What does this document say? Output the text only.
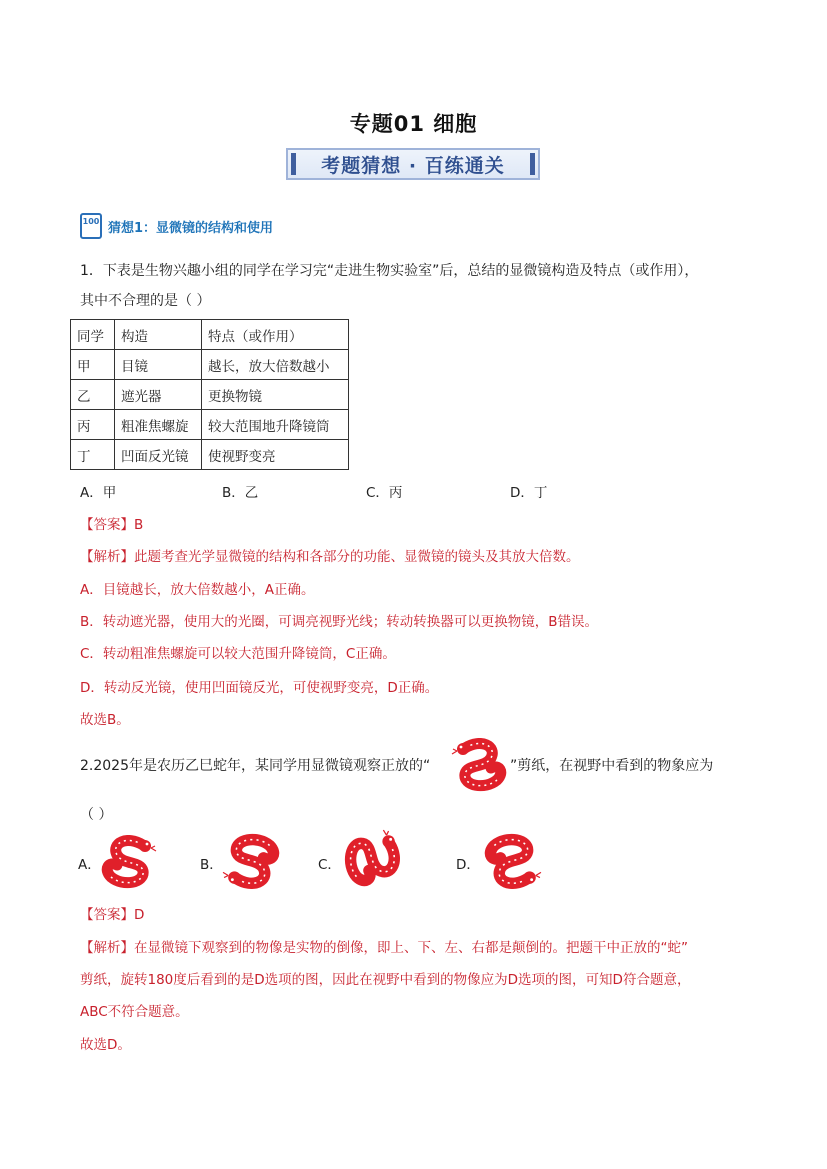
专题01 细胞
考题猜想 · 百练通关
100 猜想1：显微镜的结构和使用
1．下表是生物兴趣小组的同学在学习完“走进生物实验室”后，总结的显微镜构造及特点（或作用），
其中不合理的是（ ）
同学	构造	特点（或作用）
甲	目镜	越长，放大倍数越小
乙	遮光器	更换物镜
丙	粗准焦螺旋	较大范围地升降镜筒
丁	凹面反光镜	使视野变亮
A．甲	B．乙	C．丙	D．丁
【答案】B
【解析】此题考查光学显微镜的结构和各部分的功能、显微镜的镜头及其放大倍数。
A．目镜越长，放大倍数越小，A正确。
B．转动遮光器，使用大的光圈，可调亮视野光线；转动转换器可以更换物镜，B错误。
C．转动粗准焦螺旋可以较大范围升降镜筒，C正确。
D．转动反光镜，使用凹面镜反光，可使视野变亮，D正确。
故选B。
2.2025年是农历乙巳蛇年，某同学用显微镜观察正放的“	”剪纸，在视野中看到的物象应为
（ ）
A．	B．	C．	D．
【答案】D
【解析】在显微镜下观察到的物像是实物的倒像，即上、下、左、右都是颠倒的。把题干中正放的“蛇”
剪纸，旋转180度后看到的是D选项的图，因此在视野中看到的物像应为D选项的图，可知D符合题意，
ABC不符合题意。
故选D。
